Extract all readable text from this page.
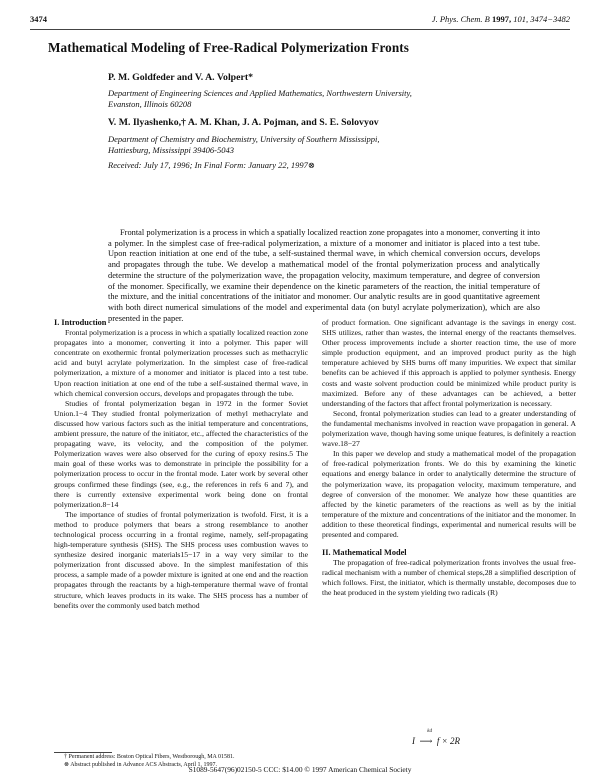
3474	J. Phys. Chem. B 1997, 101, 3474−3482
Mathematical Modeling of Free-Radical Polymerization Fronts
P. M. Goldfeder and V. A. Volpert*
Department of Engineering Sciences and Applied Mathematics, Northwestern University,
Evanston, Illinois 60208
V. M. Ilyashenko,† A. M. Khan, J. A. Pojman, and S. E. Solovyov
Department of Chemistry and Biochemistry, University of Southern Mississippi,
Hattiesburg, Mississippi 39406-5043
Received: July 17, 1996; In Final Form: January 22, 1997⊗

Frontal polymerization is a process in which a spatially localized reaction zone propagates into a monomer, converting it into a polymer. In the simplest case of free-radical polymerization, a mixture of a monomer and initiator is placed into a test tube. Upon reaction initiation at one end of the tube, a self-sustained thermal wave, in which chemical conversion occurs, develops and propagates through the tube. We develop a mathematical model of the frontal polymerization process and analytically determine the structure of the polymerization wave, the propagation velocity, maximum temperature, and degree of conversion of the monomer. Specifically, we examine their dependence on the kinetic parameters of the reaction, the initial temperature of the mixture, and the initial concentrations of the initiator and monomer. Our analytic results are in good quantitative agreement with both direct numerical simulations of the model and experimental data (on butyl acrylate polymerization), which are also presented in the paper.

I. Introduction

Frontal polymerization is a process in which a spatially localized reaction zone propagates into a monomer, converting it into a polymer. This paper will concentrate on exothermic frontal polymerization processes such as methacrylic acid and butyl acrylate polymerization. In the simplest case of free-radical polymerization, a mixture of a monomer and initiator is placed into a test tube. Upon reaction initiation at one end of the tube a self-sustained thermal wave, in which chemical conversion occurs, develops and propagates through the tube.

Studies of frontal polymerization began in 1972 in the former Soviet Union.1−4 They studied frontal polymerization of methyl methacrylate and discussed how various factors such as the initial temperature and concentrations, ambient pressure, the nature of the initiator, etc., affected the characteristics of the propagating wave, its velocity, and the composition of the polymer. Polymerization waves were also observed for the curing of epoxy resins.5 The main goal of these works was to demonstrate in principle the possibility for a polymerization process to occur in the frontal mode. Later work by several other groups confirmed these findings (see, e.g., the references in refs 6 and 7), and there is currently extensive experimental work being done on frontal polymerization.8−14

The importance of studies of frontal polymerization is twofold. First, it is a method to produce polymers that bears a strong resemblance to another technological process occurring in a frontal regime, namely, self-propagating high-temperature synthesis (SHS). The SHS process uses combustion waves to synthesize desired inorganic materials15−17 in a way very similar to the polymerization front discussed above. In the simplest manifestation of this process, a sample made of a powder mixture is ignited at one end and the reaction propagates through the reactants by a high-temperature thermal wave of frontal structure, which leaves products in its wake. The SHS process has a number of benefits over the commonly used batch method

of product formation. One significant advantage is the savings in energy cost. SHS utilizes, rather than wastes, the internal energy of the reactants themselves. Other process improvements include a shorter reaction time, the use of more simple production equipment, and an improved product purity as the high temperature achieved by SHS burns off many impurities. We expect that similar benefits can be achieved if this approach is applied to polymer synthesis. Energy costs and waste solvent production could be minimized while product purity is maximized. Before any of these advantages can be achieved, a better understanding of the factors that affect frontal polymerization is necessary.

Second, frontal polymerization studies can lead to a greater understanding of the fundamental mechanisms involved in reaction wave propagation in general. A polymerization wave, though having some unique features, is definitely a reaction wave.18−27

In this paper we develop and study a mathematical model of the propagation of free-radical polymerization fronts. We do this by examining the kinetic equations and energy balance in order to analytically determine the structure of the polymerization wave, its propagation velocity, maximum temperature, and degree of conversion of the monomer. We analyze how these quantities are affected by the kinetic parameters of the reactions as well as by the initial temperature of the mixture and concentrations of the initiator and the monomer. In addition to these theoretical findings, experimental and numerical results will be presented and compared.

II. Mathematical Model

The propagation of free-radical polymerization fronts involves the usual free-radical mechanism with a number of chemical steps,28 a simplified description of which follows. First, the initiator, which is thermally unstable, decomposes due to the heat produced in the system yielding two radicals (R)

I  ⟶
kd
f × 2R
† Permanent address: Boston Optical Fibers, Westborough, MA 01581.
⊗ Abstract published in Advance ACS Abstracts, April 1, 1997.
S1089-5647(96)02150-5 CCC: $14.00 © 1997 American Chemical Society
